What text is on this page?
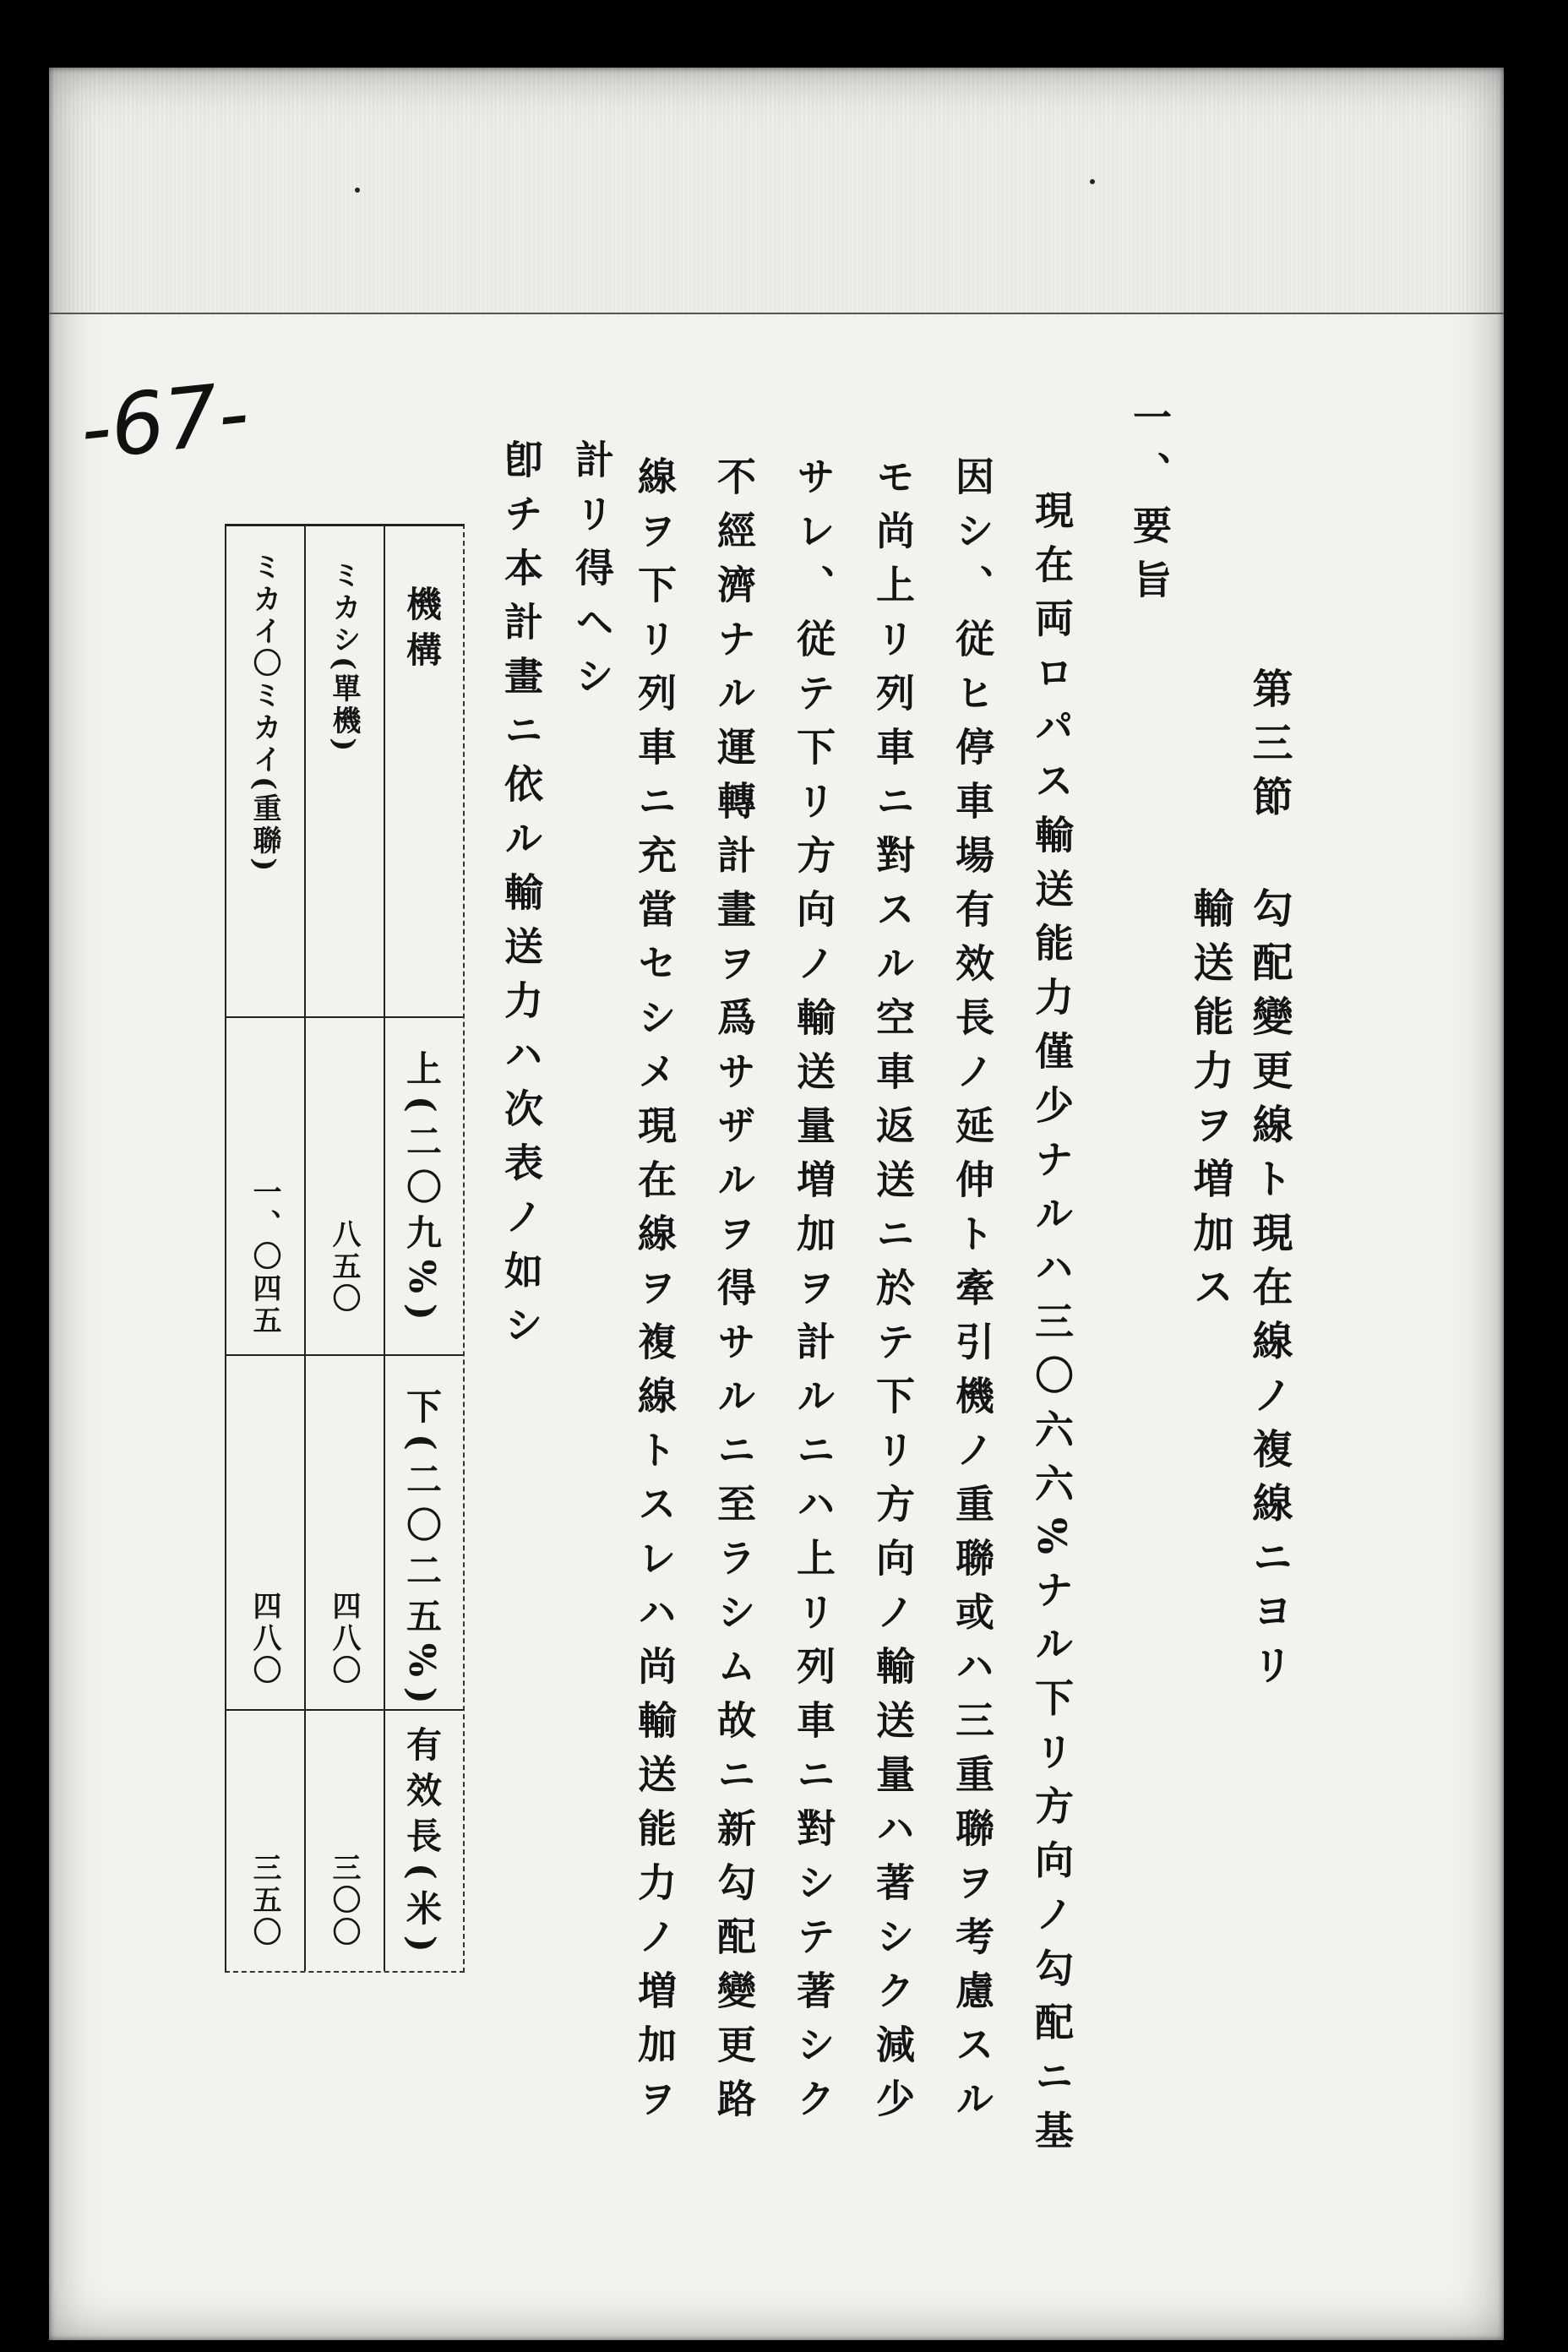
-67-
第三節
勾配變更線ト現在線ノ複線ニヨリ
輸送能力ヲ増加ス
一、要旨
現在両ロパス輸送能力僅少ナルハ三〇六六%ナル下リ方向ノ勾配ニ基
因シ、従ヒ停車場有效長ノ延伸ト牽引機ノ重聯或ハ三重聯ヲ考慮スル
モ尚上リ列車ニ對スル空車返送ニ於テ下リ方向ノ輸送量ハ著シク減少
サレ、従テ下リ方向ノ輸送量増加ヲ計ルニハ上リ列車ニ對シテ著シク
不經濟ナル運轉計畫ヲ爲サザルヲ得サルニ至ラシム故ニ新勾配變更路
線ヲ下リ列車ニ充當セシメ現在線ヲ複線トスレハ尚輸送能力ノ増加ヲ
計リ得ヘシ
卽チ本計畫ニ依ル輸送力ハ次表ノ如シ
機構
上(二〇九%)
下(二〇二五%)
有效長(米)
ミカシ(單機)
八五〇
四八〇
三〇〇
ミカイ〇ミカイ(重聯)
一、〇四五
四八〇
三五〇
